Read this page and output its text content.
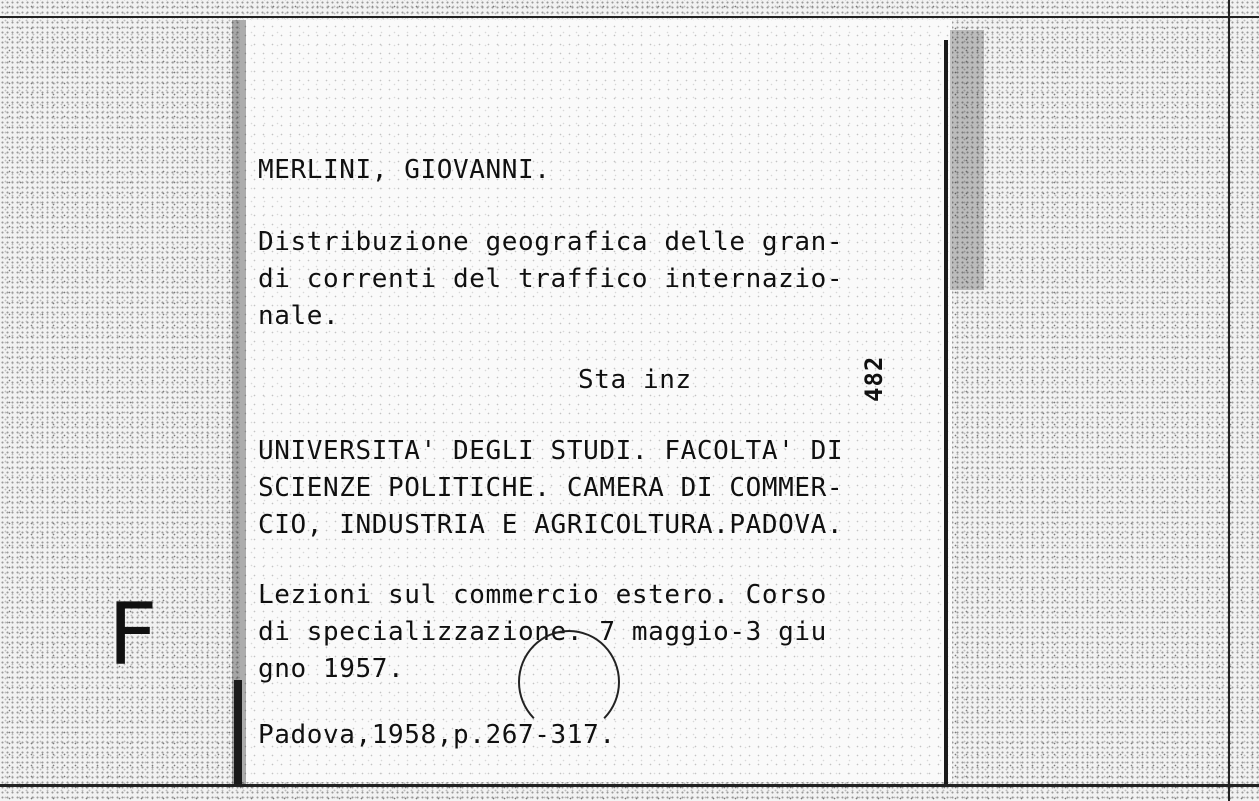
MERLINI, GIOVANNI.
Distribuzione geografica delle gran-
di correnti del traffico internazio-
nale.
Sta inz	482
UNIVERSITA' DEGLI STUDI. FACOLTA' DI
SCIENZE POLITICHE. CAMERA DI COMMER-
CIO, INDUSTRIA E AGRICOLTURA.PADOVA.
Lezioni sul commercio estero. Corso
di specializzazione. 7 maggio-3 giu
gno 1957.
Padova,1958,p.267-317.
F
